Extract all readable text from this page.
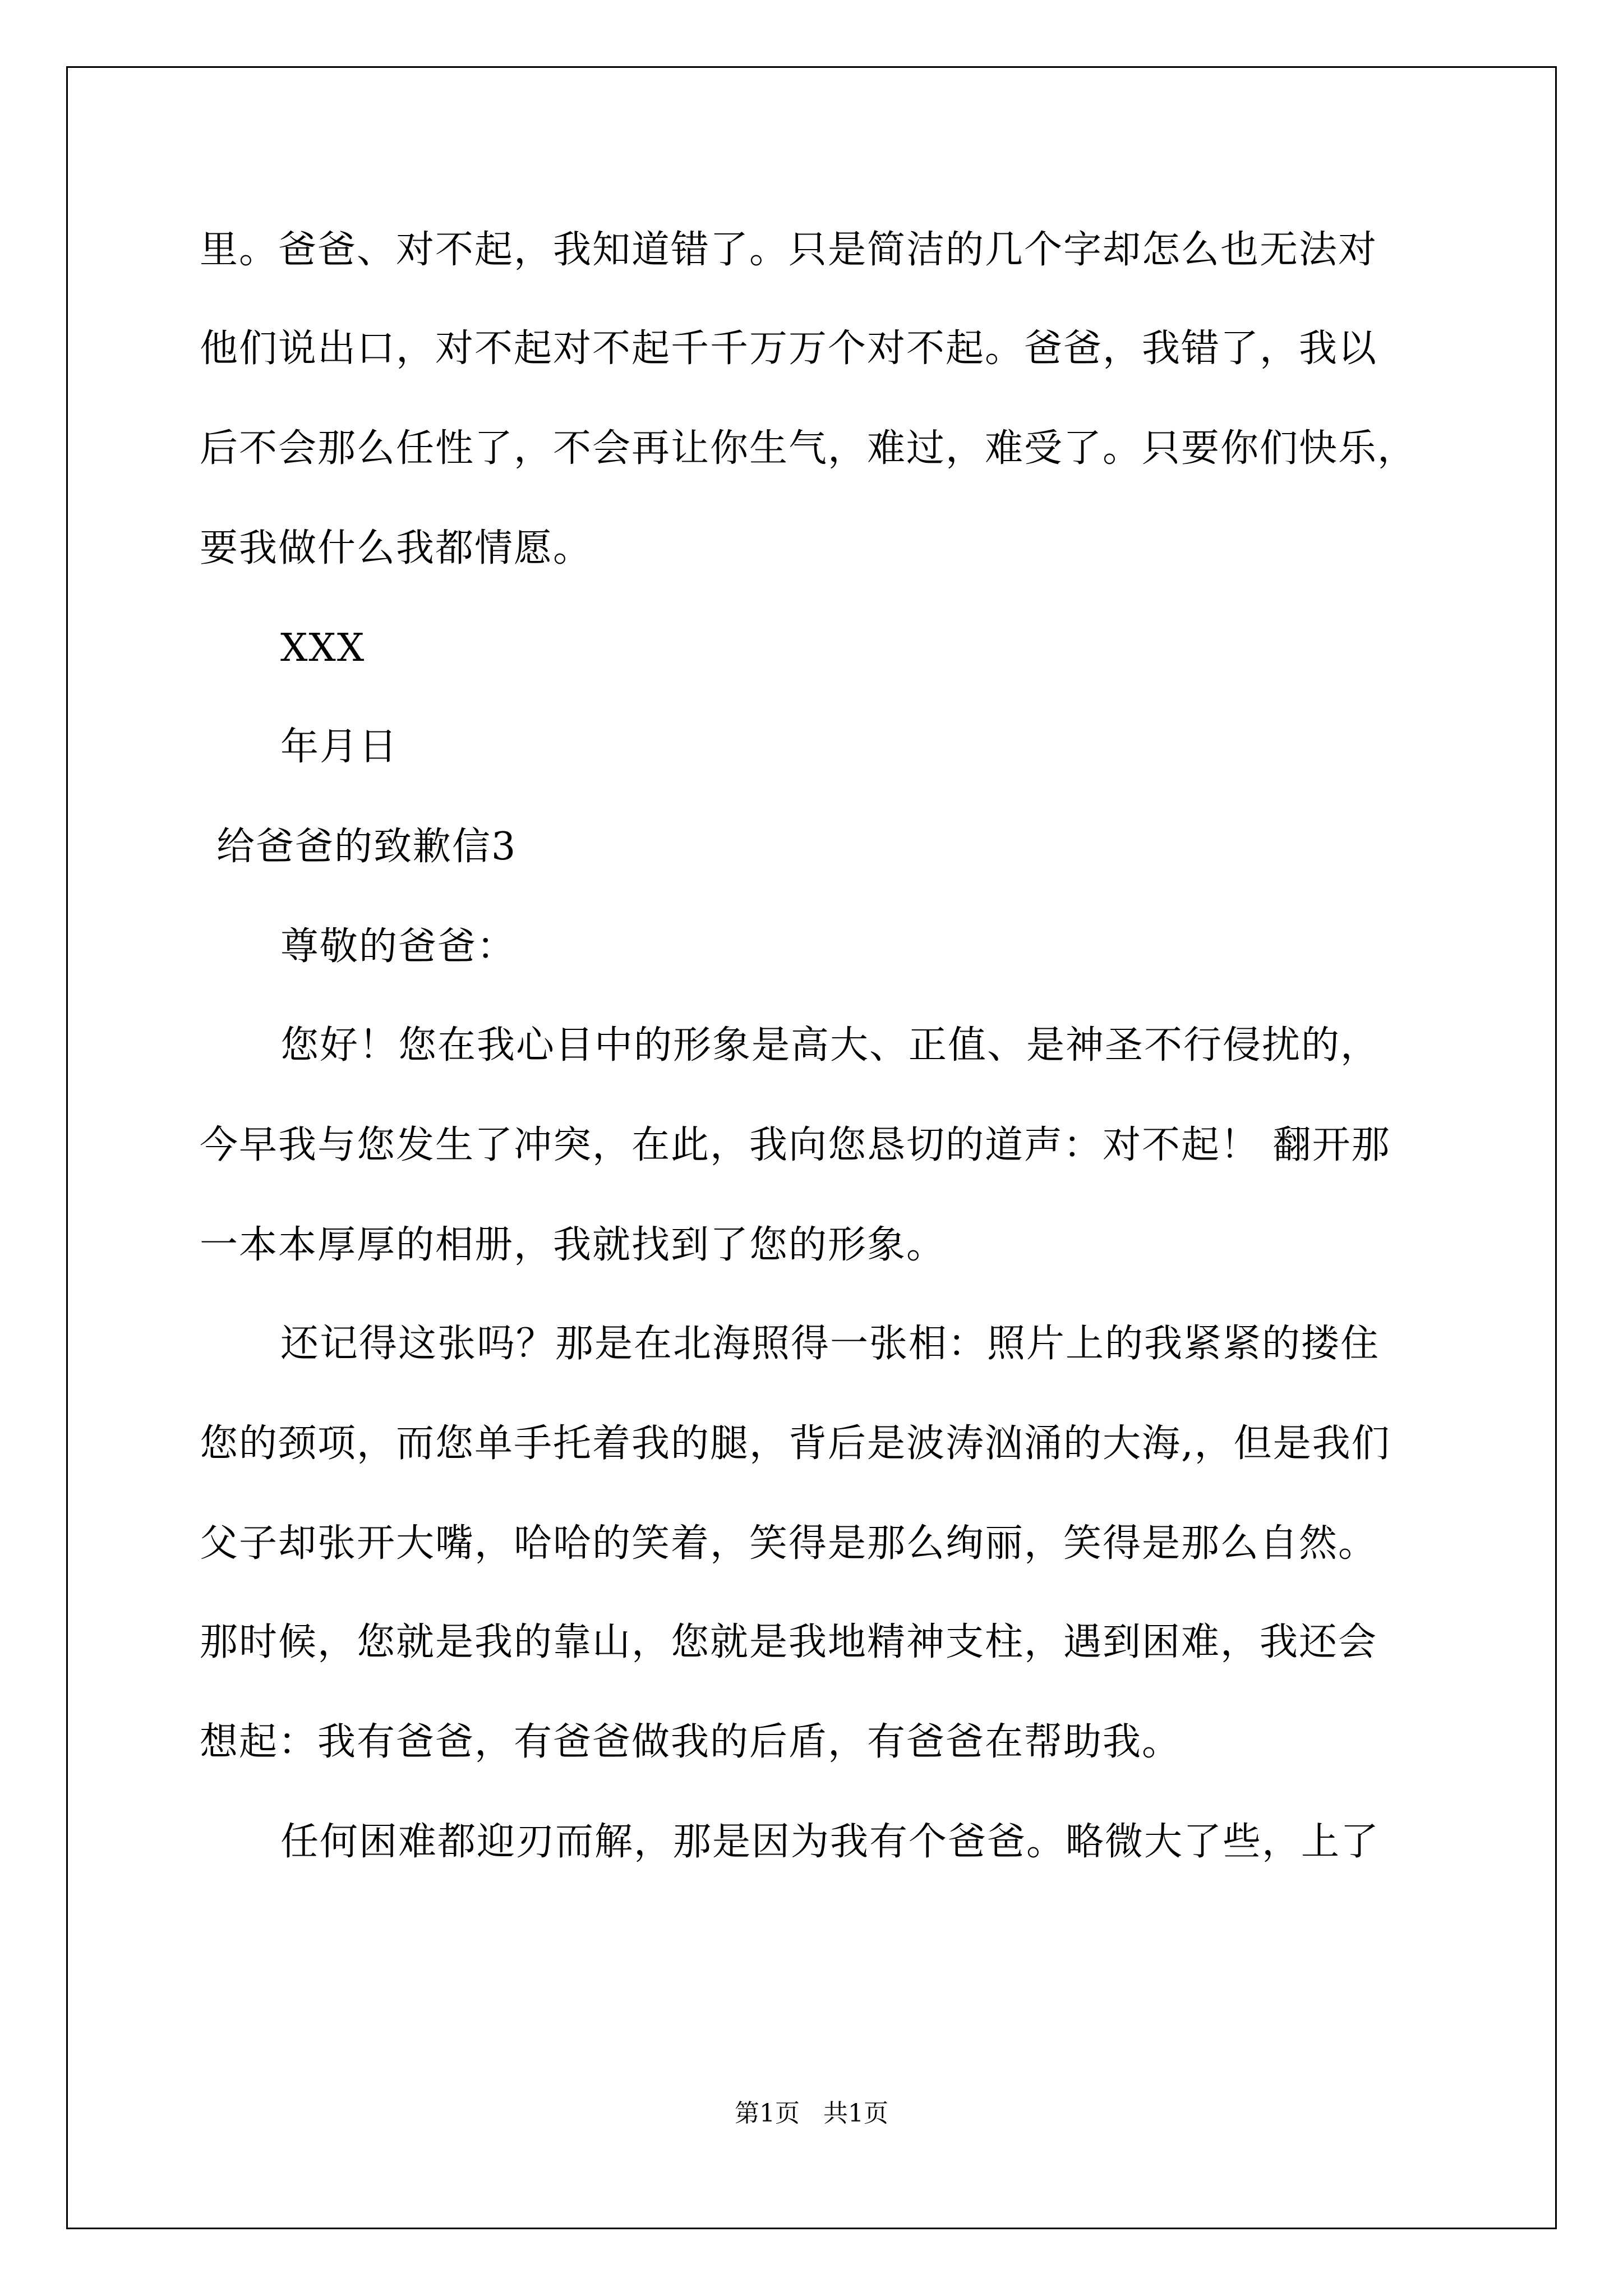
里。爸爸、对不起，我知道错了。只是简洁的几个字却怎么也无法对
他们说出口，对不起对不起千千万万个对不起。爸爸，我错了，我以
后不会那么任性了，不会再让你生气，难过，难受了。只要你们快乐，
要我做什么我都情愿。
XXX
年月日
给爸爸的致歉信3
尊敬的爸爸：
您好！您在我心目中的形象是高大、正值、是神圣不行侵扰的，
今早我与您发生了冲突，在此，我向您恳切的道声：对不起！ 翻开那
一本本厚厚的相册，我就找到了您的形象。
还记得这张吗？那是在北海照得一张相：照片上的我紧紧的搂住
您的颈项，而您单手托着我的腿，背后是波涛汹涌的大海,，但是我们
父子却张开大嘴，哈哈的笑着，笑得是那么绚丽，笑得是那么自然。
那时候，您就是我的靠山，您就是我地精神支柱，遇到困难，我还会
想起：我有爸爸，有爸爸做我的后盾，有爸爸在帮助我。
任何困难都迎刃而解，那是因为我有个爸爸。略微大了些，上了
第1页   共1页
